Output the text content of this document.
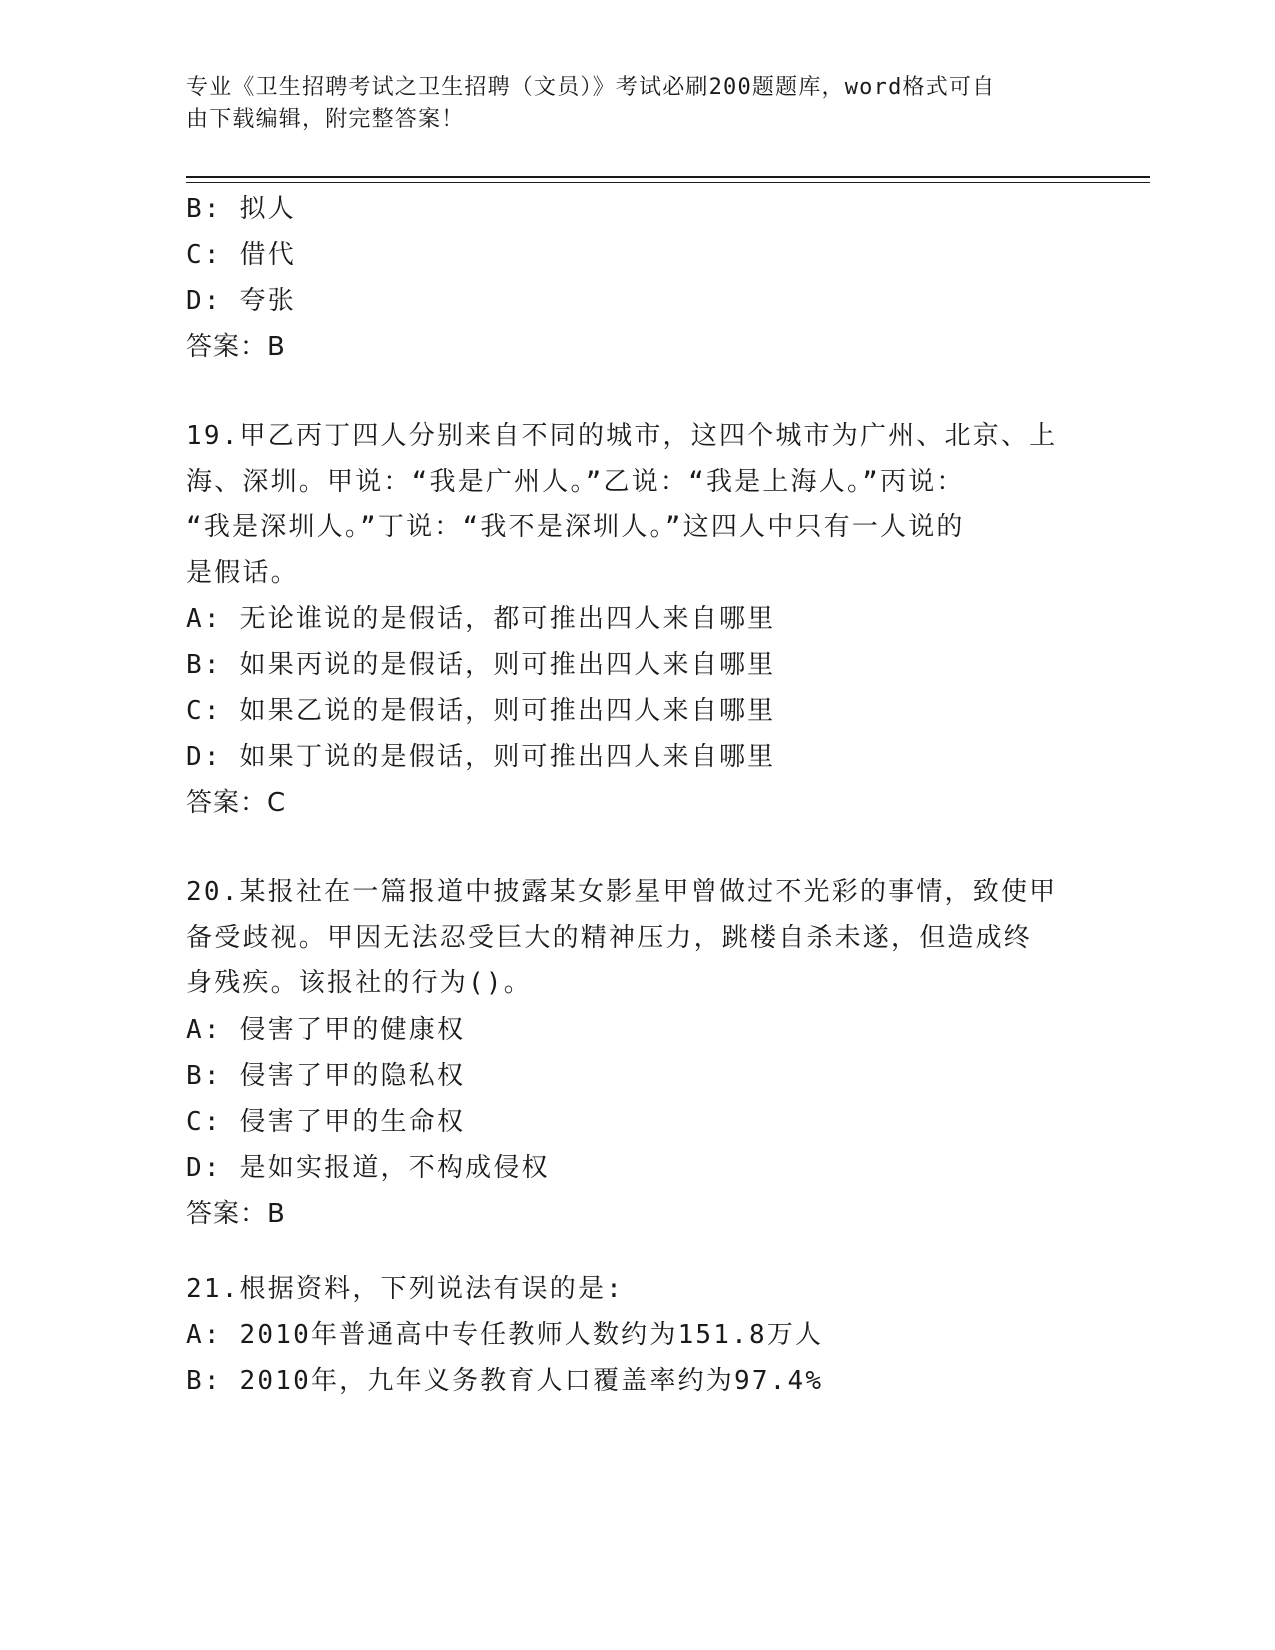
专业《卫生招聘考试之卫生招聘（文员）》考试必刷200题题库，word格式可自
由下载编辑，附完整答案！
B: 拟人
C: 借代
D: 夸张
答案：B
19.甲乙丙丁四人分别来自不同的城市，这四个城市为广州、北京、上
海、深圳。甲说：“我是广州人。”乙说：“我是上海人。”丙说：
“我是深圳人。”丁说：“我不是深圳人。”这四人中只有一人说的
是假话。
A: 无论谁说的是假话，都可推出四人来自哪里
B: 如果丙说的是假话，则可推出四人来自哪里
C: 如果乙说的是假话，则可推出四人来自哪里
D: 如果丁说的是假话，则可推出四人来自哪里
答案：C
20.某报社在一篇报道中披露某女影星甲曾做过不光彩的事情，致使甲
备受歧视。甲因无法忍受巨大的精神压力，跳楼自杀未遂，但造成终
身残疾。该报社的行为()。
A: 侵害了甲的健康权
B: 侵害了甲的隐私权
C: 侵害了甲的生命权
D: 是如实报道，不构成侵权
答案：B
21.根据资料，下列说法有误的是:
A: 2010年普通高中专任教师人数约为151.8万人
B: 2010年，九年义务教育人口覆盖率约为97.4%
